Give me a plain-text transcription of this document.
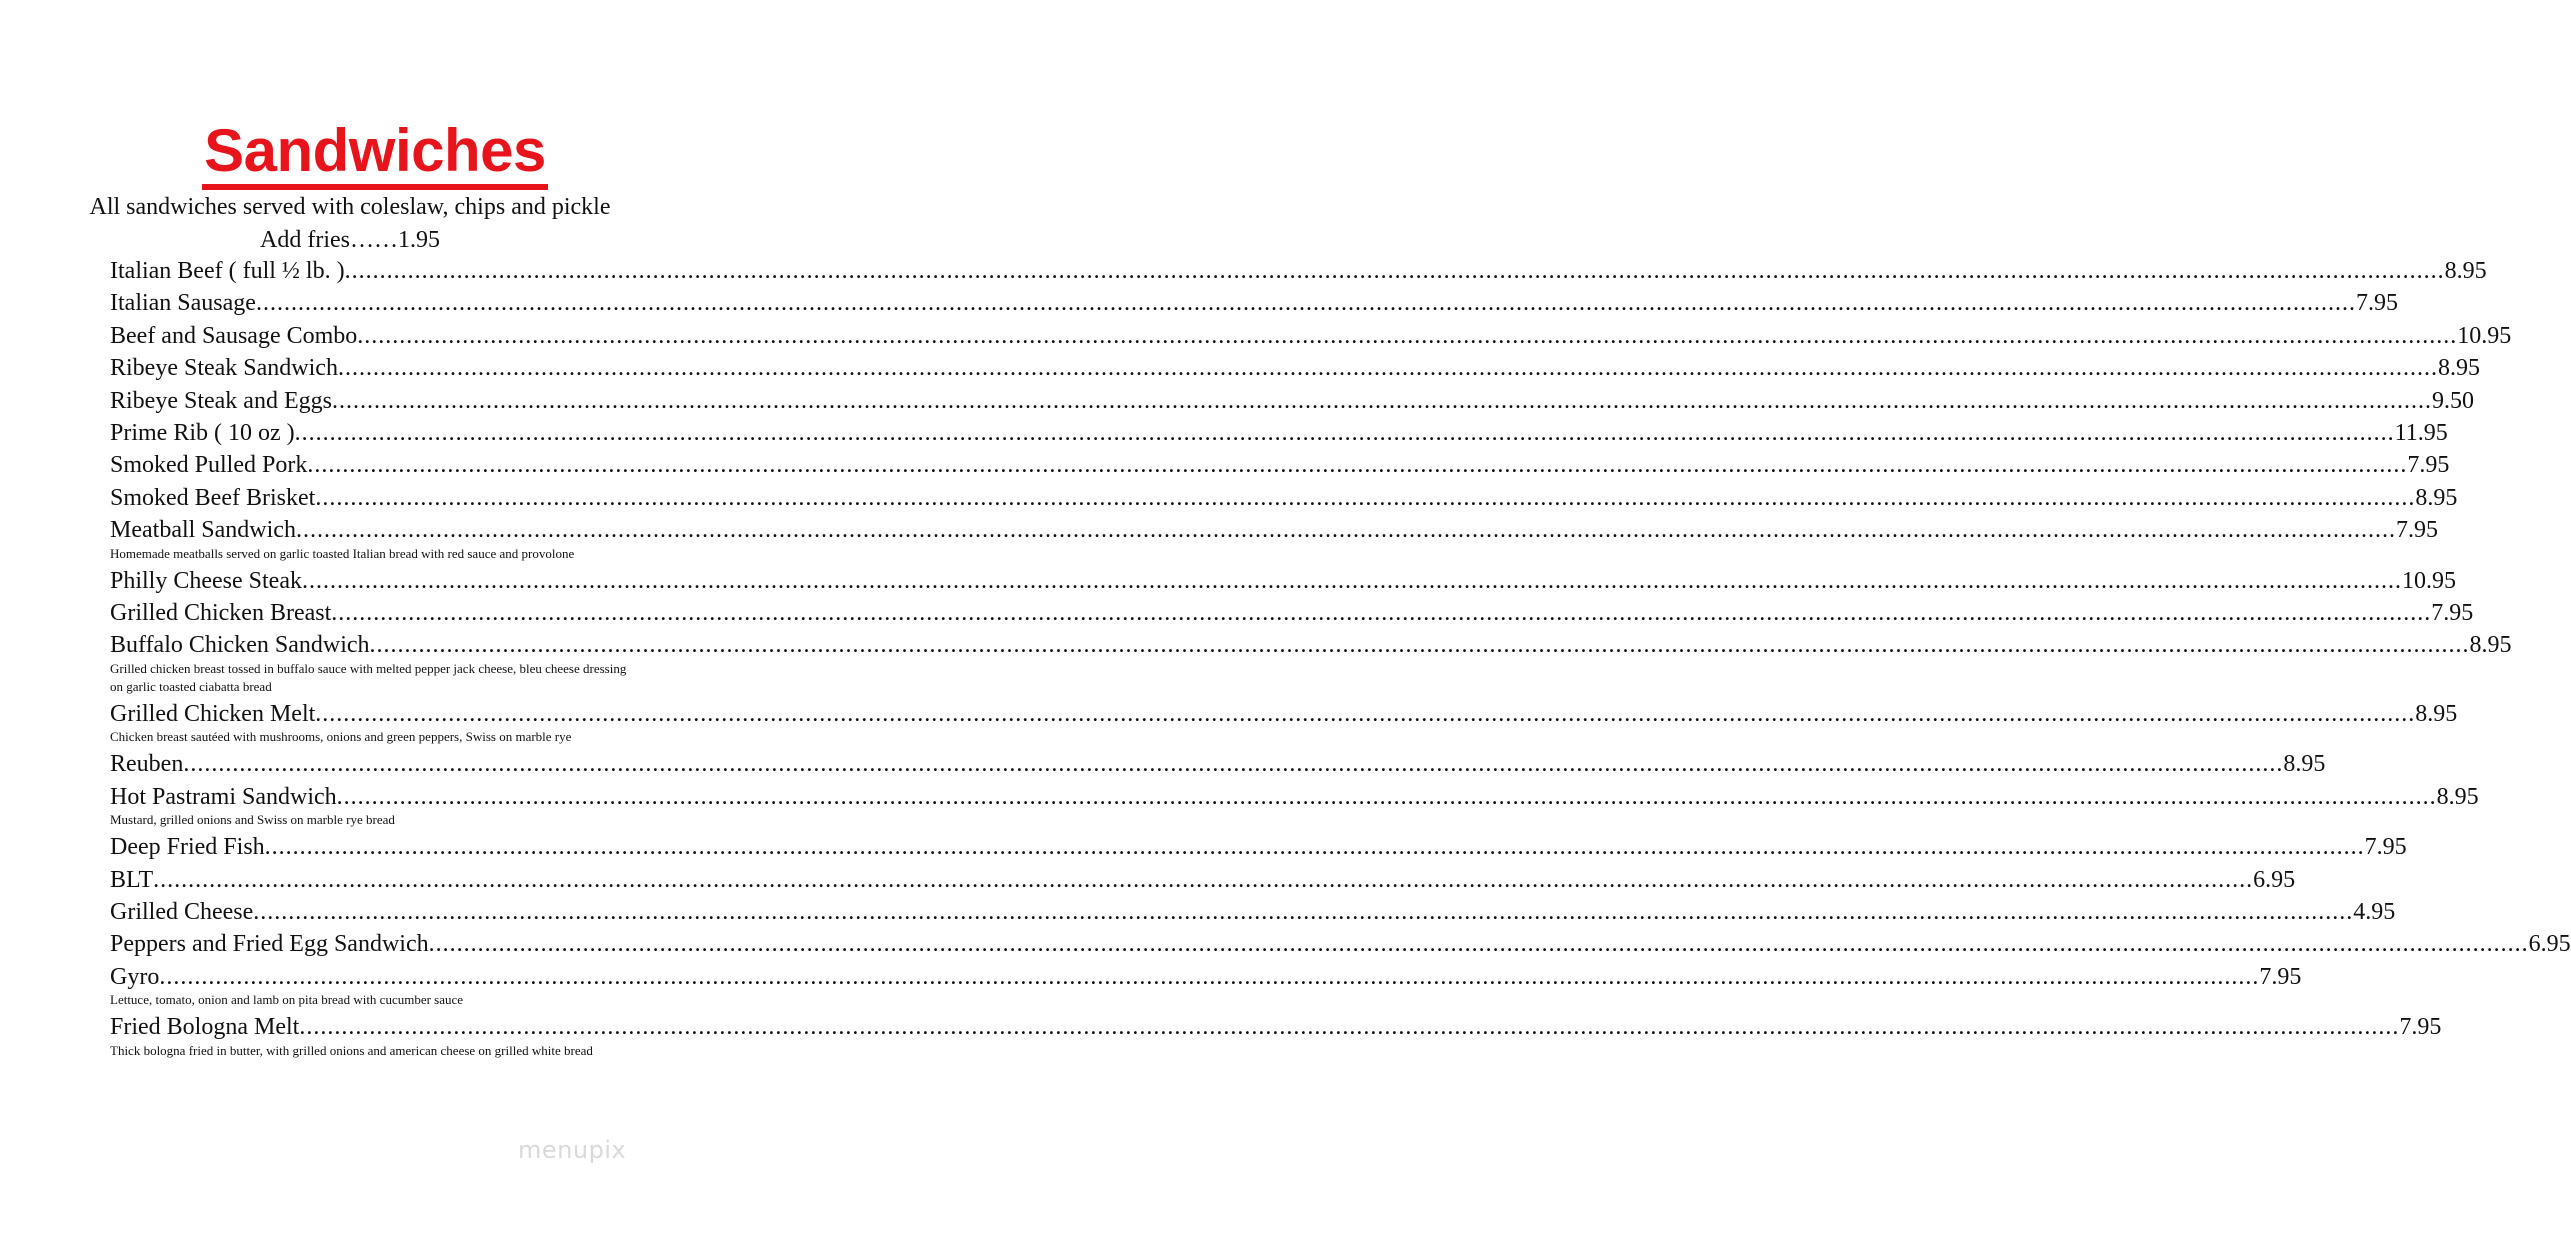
Sandwiches
All sandwiches served with coleslaw, chips and pickle
Add fries……1.95
Italian Beef ( full ½ lb. ) ............................................................................................................................................................................................................................................................................................................ 8.95
Italian Sausage ............................................................................................................................................................................................................................................................................................................ 7.95
Beef and Sausage Combo ............................................................................................................................................................................................................................................................................................................ 10.95
Ribeye Steak Sandwich ............................................................................................................................................................................................................................................................................................................ 8.95
Ribeye Steak and Eggs ............................................................................................................................................................................................................................................................................................................ 9.50
Prime Rib ( 10 oz ) ............................................................................................................................................................................................................................................................................................................ 11.95
Smoked Pulled Pork ............................................................................................................................................................................................................................................................................................................ 7.95
Smoked Beef Brisket ............................................................................................................................................................................................................................................................................................................ 8.95
Meatball Sandwich ............................................................................................................................................................................................................................................................................................................ 7.95
Homemade meatballs served on garlic toasted Italian bread with red sauce and provolone
Philly Cheese Steak ............................................................................................................................................................................................................................................................................................................ 10.95
Grilled Chicken Breast ............................................................................................................................................................................................................................................................................................................ 7.95
Buffalo Chicken Sandwich ............................................................................................................................................................................................................................................................................................................ 8.95
Grilled chicken breast tossed in buffalo sauce with melted pepper jack cheese, bleu cheese dressing on garlic toasted ciabatta bread
Grilled Chicken Melt ............................................................................................................................................................................................................................................................................................................ 8.95
Chicken breast sautéed with mushrooms, onions and green peppers, Swiss on marble rye
Reuben ............................................................................................................................................................................................................................................................................................................ 8.95
Hot Pastrami Sandwich ............................................................................................................................................................................................................................................................................................................ 8.95
Mustard, grilled onions and Swiss on marble rye bread
Deep Fried Fish ............................................................................................................................................................................................................................................................................................................ 7.95
BLT ............................................................................................................................................................................................................................................................................................................ 6.95
Grilled Cheese ............................................................................................................................................................................................................................................................................................................ 4.95
Peppers and Fried Egg Sandwich ............................................................................................................................................................................................................................................................................................................ 6.95
Gyro ............................................................................................................................................................................................................................................................................................................ 7.95
Lettuce, tomato, onion and lamb on pita bread with cucumber sauce
Fried Bologna Melt ............................................................................................................................................................................................................................................................................................................ 7.95
Thick bologna fried in butter, with grilled onions and american cheese on grilled white bread
menupix
